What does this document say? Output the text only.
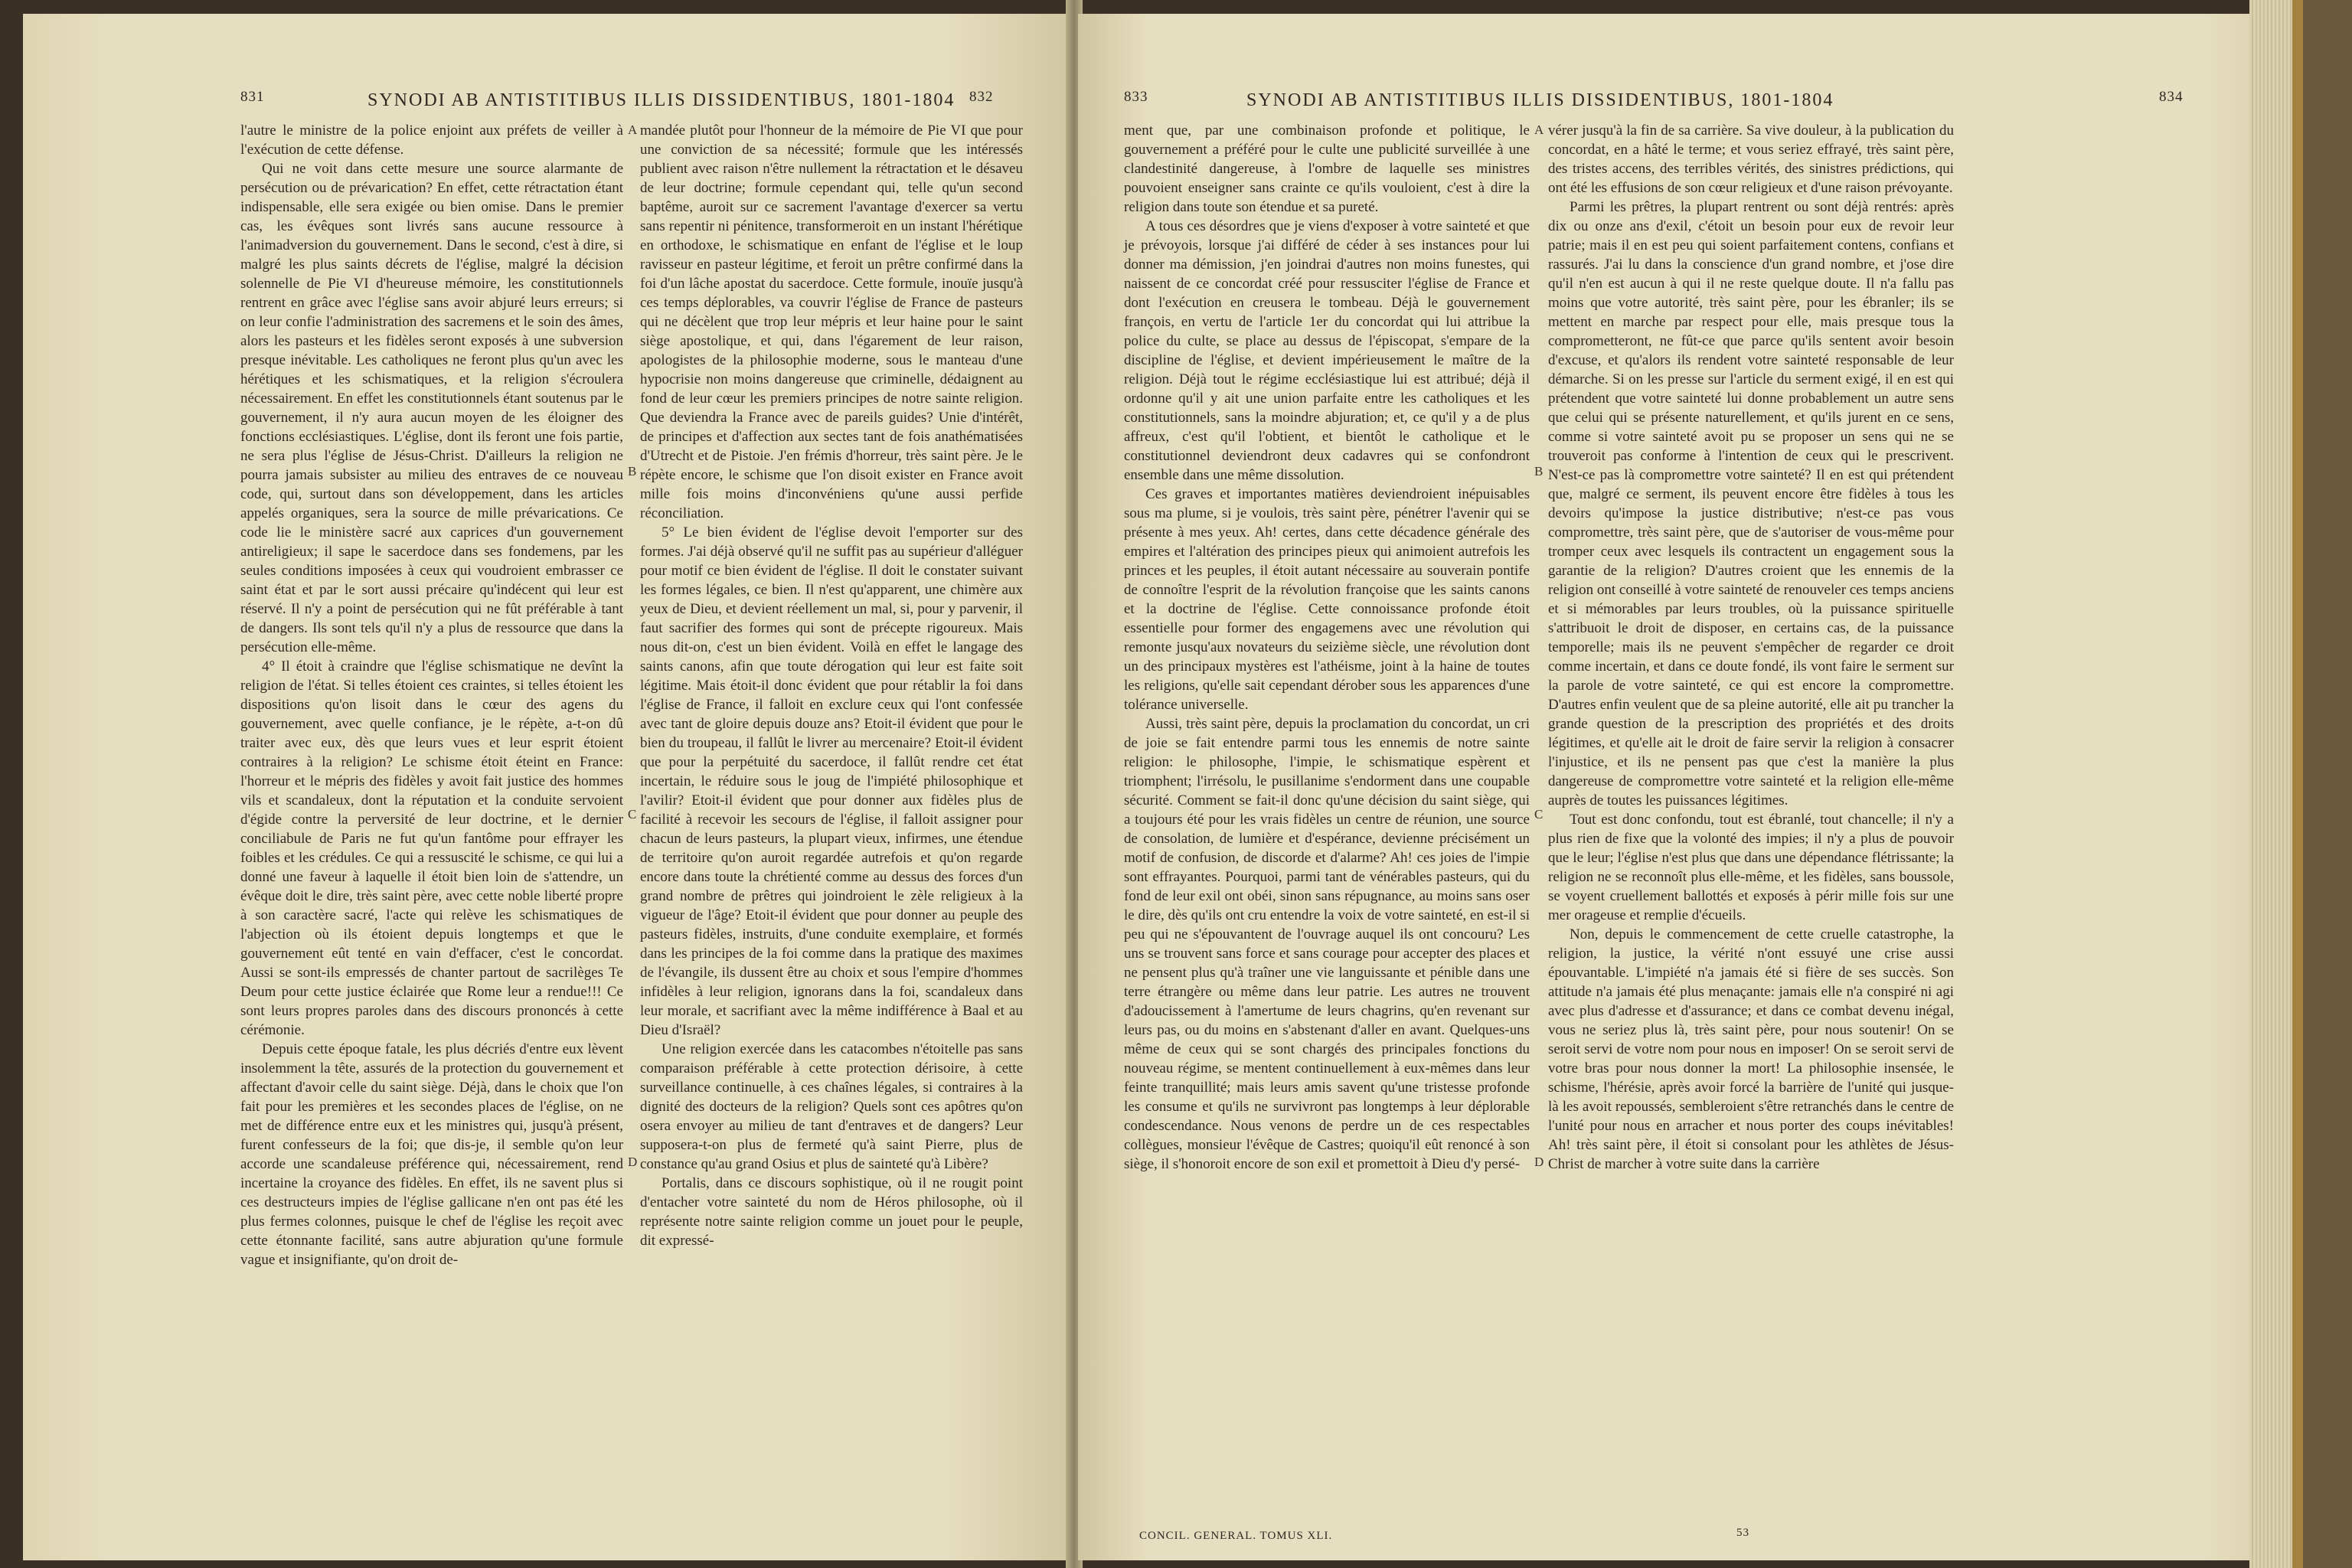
831	SYNODI AB ANTISTITIBUS ILLIS DISSIDENTIBUS, 1801-1804 832

l'autre le ministre de la police enjoint aux préfets de veiller à l'exécution de cette défense.

Qui ne voit dans cette mesure une source alarmante de persécution ou de prévarication? En effet, cette rétractation étant indispensable, elle sera exigée ou bien omise. Dans le premier cas, les évêques sont livrés sans aucune ressource à l'animadversion du gouvernement. Dans le second, c'est à dire, si malgré les plus saints décrets de l'église, malgré la décision solennelle de Pie VI d'heureuse mémoire, les constitutionnels rentrent en grâce avec l'église sans avoir abjuré leurs erreurs; si on leur confie l'administration des sacremens et le soin des âmes, alors les pasteurs et les fidèles seront exposés à une subversion presque inévitable. Les catholiques ne feront plus qu'un avec les hérétiques et les schismatiques, et la religion s'écroulera nécessairement. En effet les constitutionnels étant soutenus par le gouvernement, il n'y aura aucun moyen de les éloigner des fonctions ecclésiastiques. L'église, dont ils feront une fois partie, ne sera plus l'église de Jésus-Christ. D'ailleurs la religion ne pourra jamais subsister au milieu des entraves de ce nouveau code, qui, surtout dans son développement, dans les articles appelés organiques, sera la source de mille prévarications. Ce code lie le ministère sacré aux caprices d'un gouvernement antireligieux; il sape le sacerdoce dans ses fondemens, par les seules conditions imposées à ceux qui voudroient embrasser ce saint état et par le sort aussi précaire qu'indécent qui leur est réservé. Il n'y a point de persécution qui ne fût préférable à tant de dangers. Ils sont tels qu'il n'y a plus de ressource que dans la persécution elle-même.

4° Il étoit à craindre que l'église schismatique ne devînt la religion de l'état. Si telles étoient ces craintes, si telles étoient les dispositions qu'on lisoit dans le cœur des agens du gouvernement, avec quelle confiance, je le répète, a-t-on dû traiter avec eux, dès que leurs vues et leur esprit étoient contraires à la religion? Le schisme étoit éteint en France: l'horreur et le mépris des fidèles y avoit fait justice des hommes vils et scandaleux, dont la réputation et la conduite servoient d'égide contre la perversité de leur doctrine, et le dernier conciliabule de Paris ne fut qu'un fantôme pour effrayer les foibles et les crédules. Ce qui a ressuscité le schisme, ce qui lui a donné une faveur à laquelle il étoit bien loin de s'attendre, un évêque doit le dire, très saint père, avec cette noble liberté propre à son caractère sacré, l'acte qui relève les schismatiques de l'abjection où ils étoient depuis longtemps et que le gouvernement eût tenté en vain d'effacer, c'est le concordat. Aussi se sont-ils empressés de chanter partout de sacrilèges Te Deum pour cette justice éclairée que Rome leur a rendue!!! Ce sont leurs propres paroles dans des discours prononcés à cette cérémonie.

Depuis cette époque fatale, les plus décriés d'entre eux lèvent insolemment la tête, assurés de la protection du gouvernement et affectant d'avoir celle du saint siège. Déjà, dans le choix que l'on fait pour les premières et les secondes places de l'église, on ne met de différence entre eux et les ministres qui, jusqu'à présent, furent confesseurs de la foi; que dis-je, il semble qu'on leur accorde une scandaleuse préférence qui, nécessairement, rend incertaine la croyance des fidèles. En effet, ils ne savent plus si ces destructeurs impies de l'église gallicane n'en ont pas été les plus fermes colonnes, puisque le chef de l'église les reçoit avec cette étonnante facilité, sans autre abjuration qu'une formule vague et insignifiante, qu'on droit de-

A
B
C
D

mandée plutôt pour l'honneur de la mémoire de Pie VI que pour une conviction de sa nécessité; formule que les intéressés publient avec raison n'être nullement la rétractation et le désaveu de leur doctrine; formule cependant qui, telle qu'un second baptême, auroit sur ce sacrement l'avantage d'exercer sa vertu sans repentir ni pénitence, transformeroit en un instant l'hérétique en orthodoxe, le schismatique en enfant de l'église et le loup ravisseur en pasteur légitime, et feroit un prêtre confirmé dans la foi d'un lâche apostat du sacerdoce. Cette formule, inouïe jusqu'à ces temps déplorables, va couvrir l'église de France de pasteurs qui ne décèlent que trop leur mépris et leur haine pour le saint siège apostolique, et qui, dans l'égarement de leur raison, apologistes de la philosophie moderne, sous le manteau d'une hypocrisie non moins dangereuse que criminelle, dédaignent au fond de leur cœur les premiers principes de notre sainte religion. Que deviendra la France avec de pareils guides? Unie d'intérêt, de principes et d'affection aux sectes tant de fois anathématisées d'Utrecht et de Pistoie. J'en frémis d'horreur, très saint père. Je le répète encore, le schisme que l'on disoit exister en France avoit mille fois moins d'inconvéniens qu'une aussi perfide réconciliation.

5° Le bien évident de l'église devoit l'emporter sur des formes. J'ai déjà observé qu'il ne suffit pas au supérieur d'alléguer pour motif ce bien évident de l'église. Il doit le constater suivant les formes légales, ce bien. Il n'est qu'apparent, une chimère aux yeux de Dieu, et devient réellement un mal, si, pour y parvenir, il faut sacrifier des formes qui sont de précepte rigoureux. Mais nous dit-on, c'est un bien évident. Voilà en effet le langage des saints canons, afin que toute dérogation qui leur est faite soit légitime. Mais étoit-il donc évident que pour rétablir la foi dans l'église de France, il falloit en exclure ceux qui l'ont confessée avec tant de gloire depuis douze ans? Etoit-il évident que pour le bien du troupeau, il fallût le livrer au mercenaire? Etoit-il évident que pour la perpétuité du sacerdoce, il fallût rendre cet état incertain, le réduire sous le joug de l'impiété philosophique et l'avilir? Etoit-il évident que pour donner aux fidèles plus de facilité à recevoir les secours de l'église, il falloit assigner pour chacun de leurs pasteurs, la plupart vieux, infirmes, une étendue de territoire qu'on auroit regardée autrefois et qu'on regarde encore dans toute la chrétienté comme au dessus des forces d'un grand nombre de prêtres qui joindroient le zèle religieux à la vigueur de l'âge? Etoit-il évident que pour donner au peuple des pasteurs fidèles, instruits, d'une conduite exemplaire, et formés dans les principes de la foi comme dans la pratique des maximes de l'évangile, ils dussent être au choix et sous l'empire d'hommes infidèles à leur religion, ignorans dans la foi, scandaleux dans leur morale, et sacrifiant avec la même indifférence à Baal et au Dieu d'Israël?

Une religion exercée dans les catacombes n'étoitelle pas sans comparaison préférable à cette protection dérisoire, à cette surveillance continuelle, à ces chaînes légales, si contraires à la dignité des docteurs de la religion? Quels sont ces apôtres qu'on osera envoyer au milieu de tant d'entraves et de dangers? Leur supposera-t-on plus de fermeté qu'à saint Pierre, plus de constance qu'au grand Osius et plus de sainteté qu'à Libère?

Portalis, dans ce discours sophistique, où il ne rougit point d'entacher votre sainteté du nom de Héros philosophe, où il représente notre sainte religion comme un jouet pour le peuple, dit expressé-

833	SYNODI AB ANTISTITIBUS ILLIS DISSIDENTIBUS, 1801-1804	834

ment que, par une combinaison profonde et politique, le gouvernement a préféré pour le culte une publicité surveillée à une clandestinité dangereuse, à l'ombre de laquelle ses ministres pouvoient enseigner sans crainte ce qu'ils vouloient, c'est à dire la religion dans toute son étendue et sa pureté.

A tous ces désordres que je viens d'exposer à votre sainteté et que je prévoyois, lorsque j'ai différé de céder à ses instances pour lui donner ma démission, j'en joindrai d'autres non moins funestes, qui naissent de ce concordat créé pour ressusciter l'église de France et dont l'exécution en creusera le tombeau. Déjà le gouvernement françois, en vertu de l'article 1er du concordat qui lui attribue la police du culte, se place au dessus de l'épiscopat, s'empare de la discipline de l'église, et devient impérieusement le maître de la religion. Déjà tout le régime ecclésiastique lui est attribué; déjà il ordonne qu'il y ait une union parfaite entre les catholiques et les constitutionnels, sans la moindre abjuration; et, ce qu'il y a de plus affreux, c'est qu'il l'obtient, et bientôt le catholique et le constitutionnel deviendront deux cadavres qui se confondront ensemble dans une même dissolution.

Ces graves et importantes matières deviendroient inépuisables sous ma plume, si je voulois, très saint père, pénétrer l'avenir qui se présente à mes yeux. Ah! certes, dans cette décadence générale des empires et l'altération des principes pieux qui animoient autrefois les princes et les peuples, il étoit autant nécessaire au souverain pontife de connoître l'esprit de la révolution françoise que les saints canons et la doctrine de l'église. Cette connoissance profonde étoit essentielle pour former des engagemens avec une révolution qui remonte jusqu'aux novateurs du seizième siècle, une révolution dont un des principaux mystères est l'athéisme, joint à la haine de toutes les religions, qu'elle sait cependant dérober sous les apparences d'une tolérance universelle.

Aussi, très saint père, depuis la proclamation du concordat, un cri de joie se fait entendre parmi tous les ennemis de notre sainte religion: le philosophe, l'impie, le schismatique espèrent et triomphent; l'irrésolu, le pusillanime s'endorment dans une coupable sécurité. Comment se fait-il donc qu'une décision du saint siège, qui a toujours été pour les vrais fidèles un centre de réunion, une source de consolation, de lumière et d'espérance, devienne précisément un motif de confusion, de discorde et d'alarme? Ah! ces joies de l'impie sont effrayantes. Pourquoi, parmi tant de vénérables pasteurs, qui du fond de leur exil ont obéi, sinon sans répugnance, au moins sans oser le dire, dès qu'ils ont cru entendre la voix de votre sainteté, en est-il si peu qui ne s'épouvantent de l'ouvrage auquel ils ont concouru? Les uns se trouvent sans force et sans courage pour accepter des places et ne pensent plus qu'à traîner une vie languissante et pénible dans une terre étrangère ou même dans leur patrie. Les autres ne trouvent d'adoucissement à l'amertume de leurs chagrins, qu'en revenant sur leurs pas, ou du moins en s'abstenant d'aller en avant. Quelques-uns même de ceux qui se sont chargés des principales fonctions du nouveau régime, se mentent continuellement à eux-mêmes dans leur feinte tranquillité; mais leurs amis savent qu'une tristesse profonde les consume et qu'ils ne survivront pas longtemps à leur déplorable condescendance. Nous venons de perdre un de ces respectables collègues, monsieur l'évêque de Castres; quoiqu'il eût renoncé à son siège, il s'honoroit encore de son exil et promettoit à Dieu d'y persé-

A
B
C
D

vérer jusqu'à la fin de sa carrière. Sa vive douleur, à la publication du concordat, en a hâté le terme; et vous seriez effrayé, très saint père, des tristes accens, des terribles vérités, des sinistres prédictions, qui ont été les effusions de son cœur religieux et d'une raison prévoyante.

Parmi les prêtres, la plupart rentrent ou sont déjà rentrés: après dix ou onze ans d'exil, c'étoit un besoin pour eux de revoir leur patrie; mais il en est peu qui soient parfaitement contens, confians et rassurés. J'ai lu dans la conscience d'un grand nombre, et j'ose dire qu'il n'en est aucun à qui il ne reste quelque doute. Il n'a fallu pas moins que votre autorité, très saint père, pour les ébranler; ils se mettent en marche par respect pour elle, mais presque tous la comprometteront, ne fût-ce que parce qu'ils sentent avoir besoin d'excuse, et qu'alors ils rendent votre sainteté responsable de leur démarche. Si on les presse sur l'article du serment exigé, il en est qui prétendent que votre sainteté lui donne probablement un autre sens que celui qui se présente naturellement, et qu'ils jurent en ce sens, comme si votre sainteté avoit pu se proposer un sens qui ne se trouveroit pas conforme à l'intention de ceux qui le prescrivent. N'est-ce pas là compromettre votre sainteté? Il en est qui prétendent que, malgré ce serment, ils peuvent encore être fidèles à tous les devoirs qu'impose la justice distributive; n'est-ce pas vous compromettre, très saint père, que de s'autoriser de vous-même pour tromper ceux avec lesquels ils contractent un engagement sous la garantie de la religion? D'autres croient que les ennemis de la religion ont conseillé à votre sainteté de renouveler ces temps anciens et si mémorables par leurs troubles, où la puissance spirituelle s'attribuoit le droit de disposer, en certains cas, de la puissance temporelle; mais ils ne peuvent s'empêcher de regarder ce droit comme incertain, et dans ce doute fondé, ils vont faire le serment sur la parole de votre sainteté, ce qui est encore la compromettre. D'autres enfin veulent que de sa pleine autorité, elle ait pu trancher la grande question de la prescription des propriétés et des droits légitimes, et qu'elle ait le droit de faire servir la religion à consacrer l'injustice, et ils ne pensent pas que c'est la manière la plus dangereuse de compromettre votre sainteté et la religion elle-même auprès de toutes les puissances légitimes.

Tout est donc confondu, tout est ébranlé, tout chancelle; il n'y a plus rien de fixe que la volonté des impies; il n'y a plus de pouvoir que le leur; l'église n'est plus que dans une dépendance flétrissante; la religion ne se reconnoît plus elle-même, et les fidèles, sans boussole, se voyent cruellement ballottés et exposés à périr mille fois sur une mer orageuse et remplie d'écueils.

Non, depuis le commencement de cette cruelle catastrophe, la religion, la justice, la vérité n'ont essuyé une crise aussi épouvantable. L'impiété n'a jamais été si fière de ses succès. Son attitude n'a jamais été plus menaçante: jamais elle n'a conspiré ni agi avec plus d'adresse et d'assurance; et dans ce combat devenu inégal, vous ne seriez plus là, très saint père, pour nous soutenir! On se seroit servi de votre nom pour nous en imposer! On se seroit servi de votre bras pour nous donner la mort! La philosophie insensée, le schisme, l'hérésie, après avoir forcé la barrière de l'unité qui jusque-là les avoit repoussés, sembleroient s'être retranchés dans le centre de l'unité pour nous en arracher et nous porter des coups inévitables! Ah! très saint père, il étoit si consolant pour les athlètes de Jésus-Christ de marcher à votre suite dans la carrière

CONCIL. GENERAL. TOMUS XLI.	53
